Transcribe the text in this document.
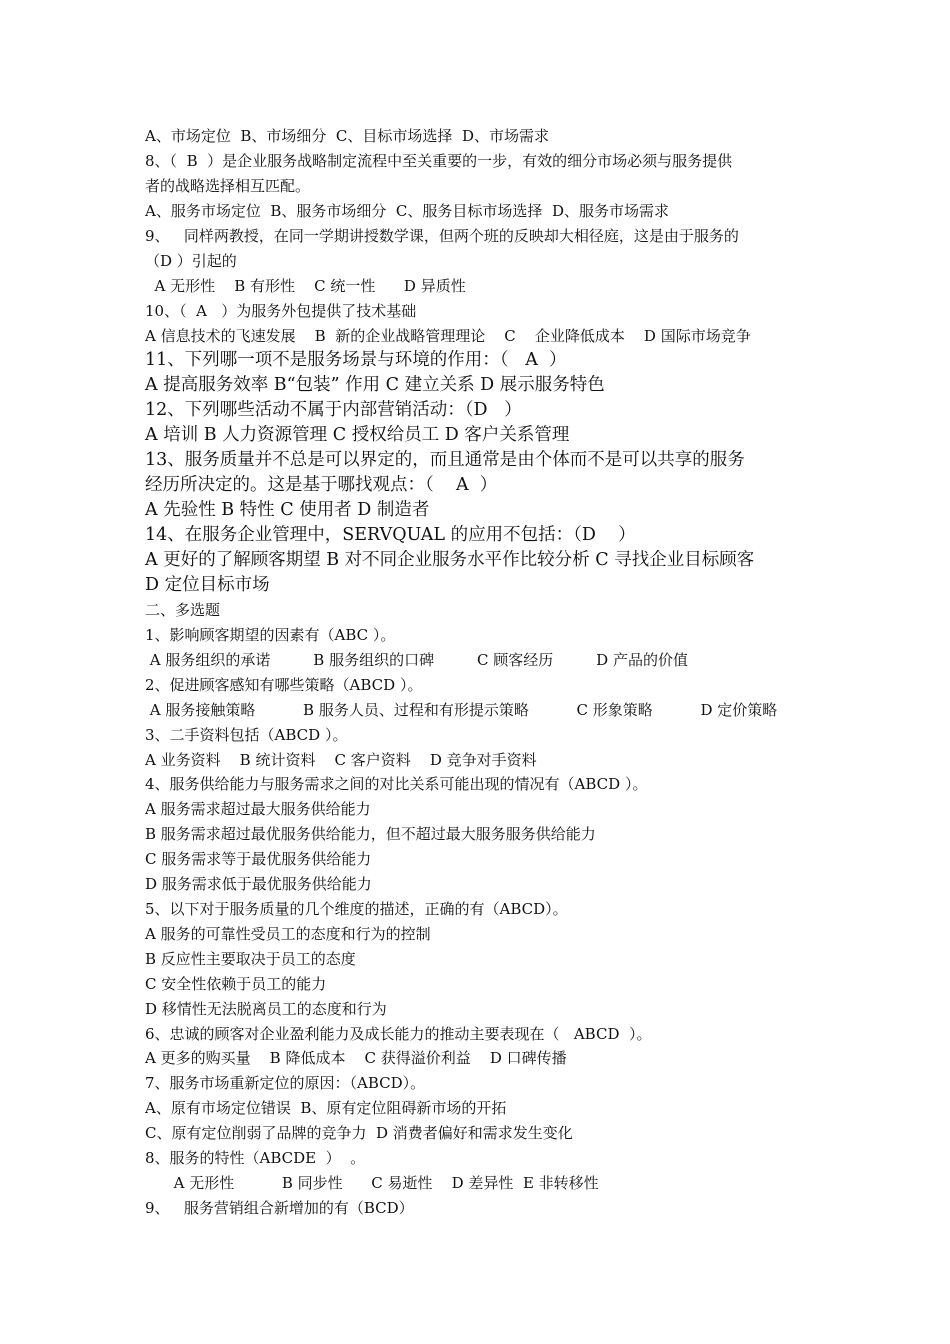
A、市场定位  B、市场细分  C、目标市场选择  D、市场需求
8、（  B  ）是企业服务战略制定流程中至关重要的一步，有效的细分市场必须与服务提供
者的战略选择相互匹配。
A、服务市场定位  B、服务市场细分  C、服务目标市场选择  D、服务市场需求
9、   同样两教授，在同一学期讲授数学课，但两个班的反映却大相径庭，这是由于服务的
（D ）引起的
A 无形性    B 有形性    C 统一性      D 异质性
10、（  A   ）为服务外包提供了技术基础
A 信息技术的飞速发展    B  新的企业战略管理理论    C    企业降低成本    D 国际市场竞争
11、下列哪一项不是服务场景与环境的作用：（   A  ）
A 提高服务效率 B“包装” 作用 C 建立关系 D 展示服务特色
12、下列哪些活动不属于内部营销活动：（D   ）
A 培训 B 人力资源管理 C 授权给员工 D 客户关系管理
13、服务质量并不总是可以界定的，而且通常是由个体而不是可以共享的服务
经历所决定的。这是基于哪找观点：（    A  ）
A 先验性 B 特性 C 使用者 D 制造者
14、在服务企业管理中，SERVQUAL 的应用不包括：（D    ）
A 更好的了解顾客期望 B 对不同企业服务水平作比较分析 C 寻找企业目标顾客
D 定位目标市场
二、多选题
1、影响顾客期望的因素有（ABC ）。
A 服务组织的承诺         B 服务组织的口碑         C 顾客经历         D 产品的价值
2、促进顾客感知有哪些策略（ABCD ）。
A 服务接触策略          B 服务人员、过程和有形提示策略          C 形象策略          D 定价策略
3、二手资料包括（ABCD ）。
A 业务资料    B 统计资料    C 客户资料    D 竞争对手资料
4、服务供给能力与服务需求之间的对比关系可能出现的情况有（ABCD ）。
A 服务需求超过最大服务供给能力
B 服务需求超过最优服务供给能力，但不超过最大服务服务供给能力
C 服务需求等于最优服务供给能力
D 服务需求低于最优服务供给能力
5、以下对于服务质量的几个维度的描述，正确的有（ABCD）。
A 服务的可靠性受员工的态度和行为的控制
B 反应性主要取决于员工的态度
C 安全性依赖于员工的能力
D 移情性无法脱离员工的态度和行为
6、忠诚的顾客对企业盈利能力及成长能力的推动主要表现在（   ABCD  ）。
A 更多的购买量    B 降低成本    C 获得溢价利益    D 口碑传播
7、服务市场重新定位的原因：（ABCD）。
A、原有市场定位错误  B、原有定位阻碍新市场的开拓
C、原有定位削弱了品牌的竞争力  D 消费者偏好和需求发生变化
8、服务的特性（ABCDE  ）  。
A 无形性          B 同步性      C 易逝性    D 差异性  E 非转移性
9、   服务营销组合新增加的有（BCD）
